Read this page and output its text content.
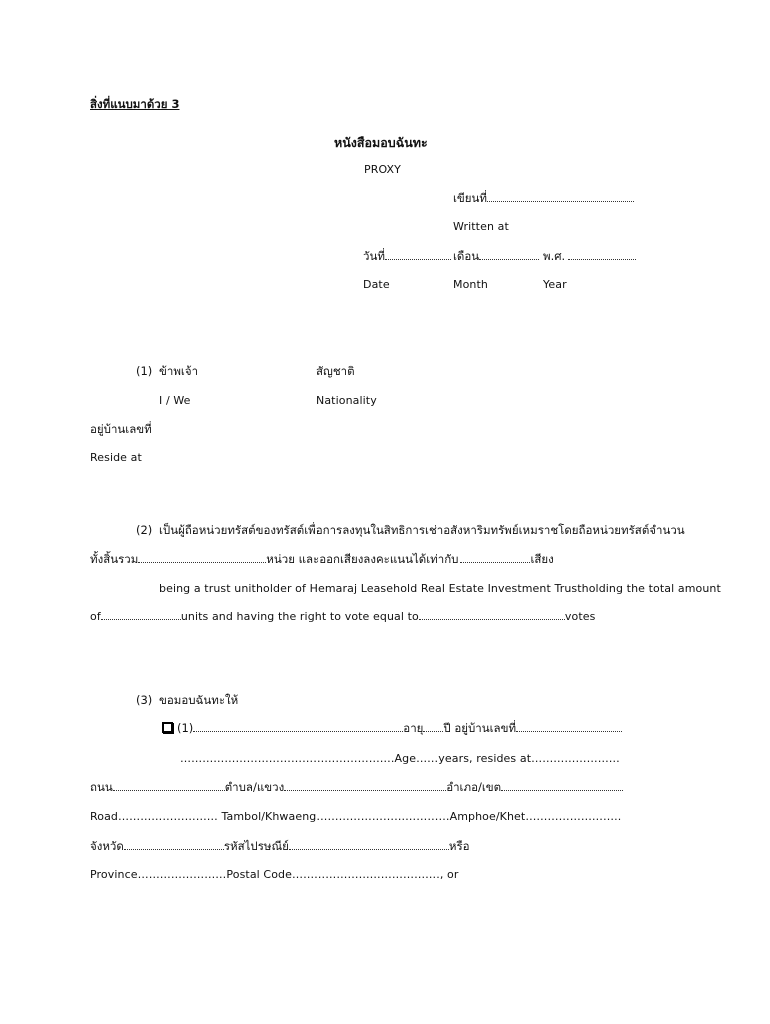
สิ่งที่แนบมาด้วย 3
หนังสือมอบฉันทะ
PROXY
เขียนที่
Written at
วันที่	เดือน	พ.ศ.
Date	Month	Year
(1) ข้าพเจ้า	สัญชาติ
I / We	Nationality
อยู่บ้านเลขที่
Reside at
(2) เป็นผู้ถือหน่วยทรัสต์ของทรัสต์เพื่อการลงทุนในสิทธิการเช่าอสังหาริมทรัพย์เหมราชโดยถือหน่วยทรัสต์จำนวน
ทั้งสิ้นรวม	หน่วย และออกเสียงลงคะแนนได้เท่ากับ	เสียง
being a trust unitholder of Hemaraj Leasehold Real Estate Investment Trustholding the total amount
of	units and having the right to vote equal to	votes
(3) ขอมอบฉันทะให้
(1)	อายุ ปี อยู่บ้านเลขที่
………………………………………………….Age……years, resides at……………………
ถนน	ตำบล/แขวง	อำเภอ/เขต
Road……………………… Tambol/Khwaeng………………………………Amphoe/Khet……………………..
จังหวัด	รหัสไปรษณีย์	หรือ
Province……………………Postal Code…………………………………., or
